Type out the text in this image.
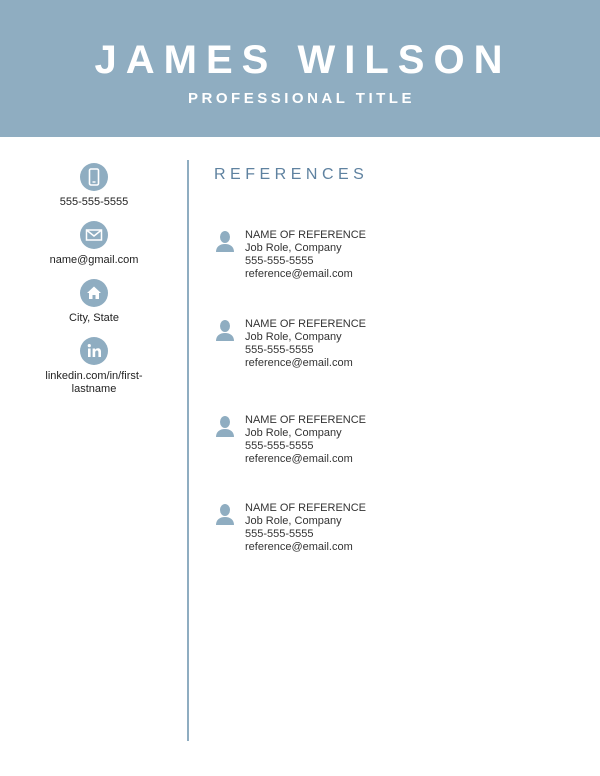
JAMES WILSON
PROFESSIONAL TITLE
555-555-5555
name@gmail.com
City, State
linkedin.com/in/first-
lastname
REFERENCES
NAME OF REFERENCE
Job Role, Company
555-555-5555
reference@email.com
NAME OF REFERENCE
Job Role, Company
555-555-5555
reference@email.com
NAME OF REFERENCE
Job Role, Company
555-555-5555
reference@email.com
NAME OF REFERENCE
Job Role, Company
555-555-5555
reference@email.com
